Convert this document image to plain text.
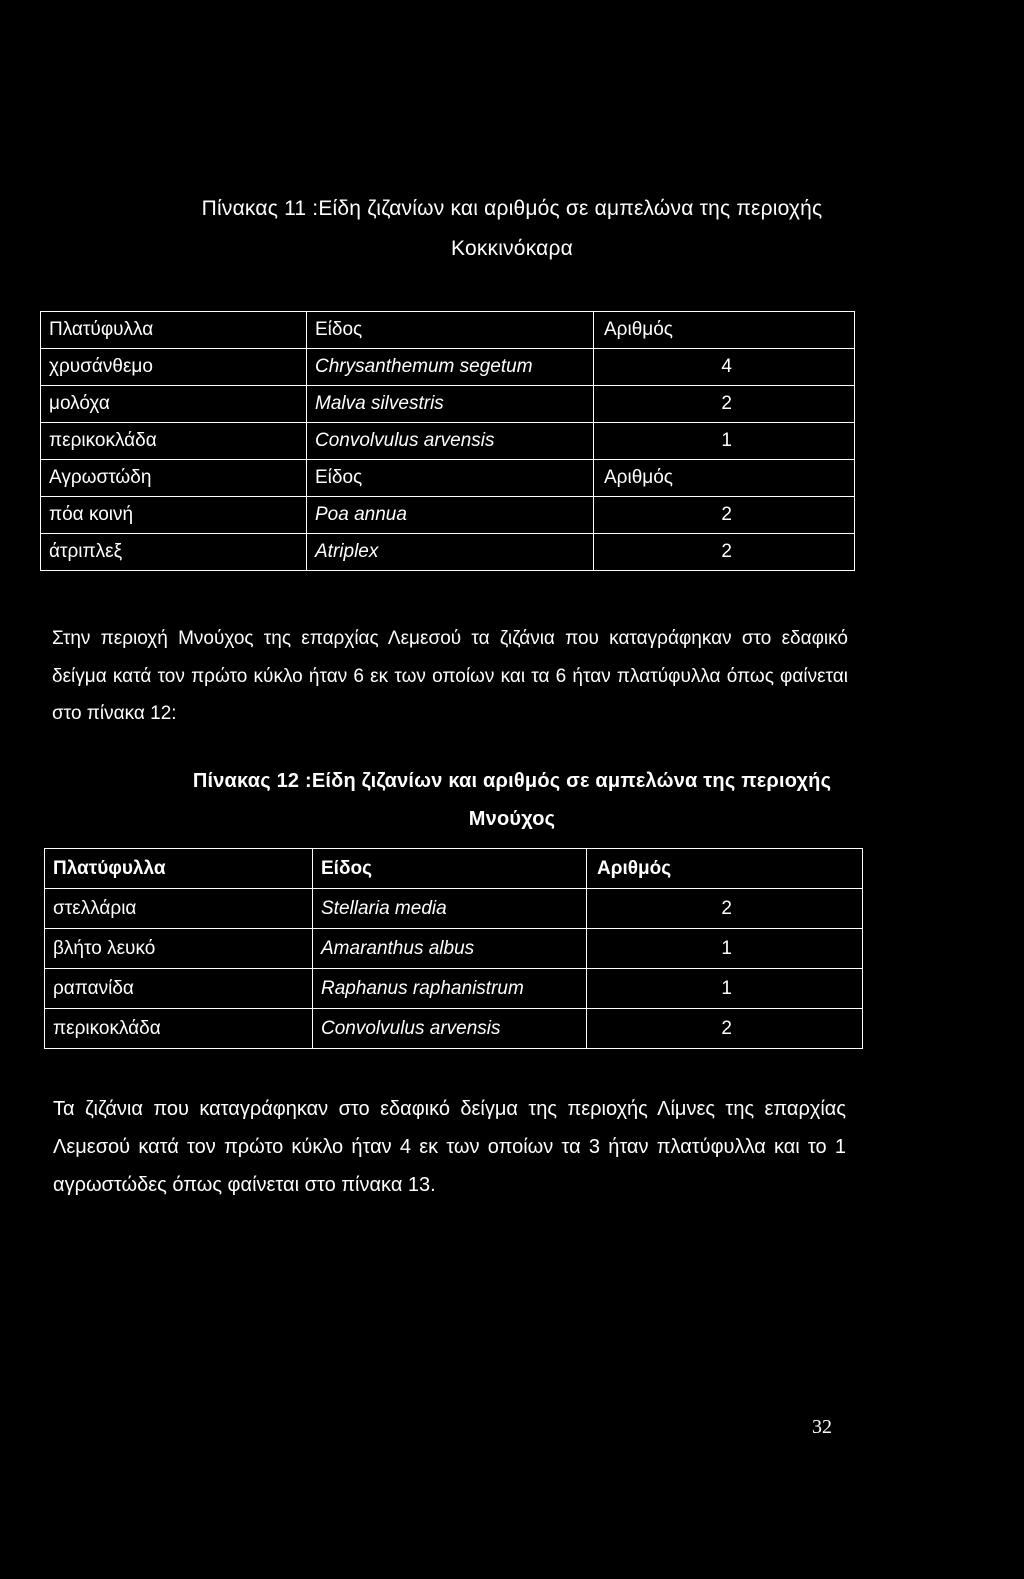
Πίνακας 11 :Είδη ζιζανίων και αριθμός σε αμπελώνα της περιοχής
Κοκκινόκαρα
Πλατύφυλλα	Είδος	Αριθμός
χρυσάνθεμο	Chrysanthemum segetum	4
μολόχα	Malva silvestris	2
περικοκλάδα	Convolvulus arvensis	1
Αγρωστώδη	Είδος	Αριθμός
πόα κοινή	Poa annua	2
άτριπλεξ	Atriplex	2

Στην περιοχή Μνούχος της επαρχίας Λεμεσού τα ζιζάνια που καταγράφηκαν στο εδαφικό δείγμα κατά τον πρώτο κύκλο ήταν 6 εκ των οποίων και τα 6 ήταν πλατύφυλλα όπως φαίνεται στο πίνακα 12:

Πίνακας 12 :Είδη ζιζανίων και αριθμός σε αμπελώνα της περιοχής
Μνούχος
Πλατύφυλλα	Είδος	Αριθμός
στελλάρια	Stellaria media	2
βλήτο λευκό	Amaranthus albus	1
ραπανίδα	Raphanus raphanistrum	1
περικοκλάδα	Convolvulus arvensis	2

Τα ζιζάνια που καταγράφηκαν στο εδαφικό δείγμα της περιοχής Λίμνες της επαρχίας Λεμεσού κατά τον πρώτο κύκλο ήταν 4 εκ των οποίων τα 3 ήταν πλατύφυλλα και το 1 αγρωστώδες όπως φαίνεται στο πίνακα 13.

32
